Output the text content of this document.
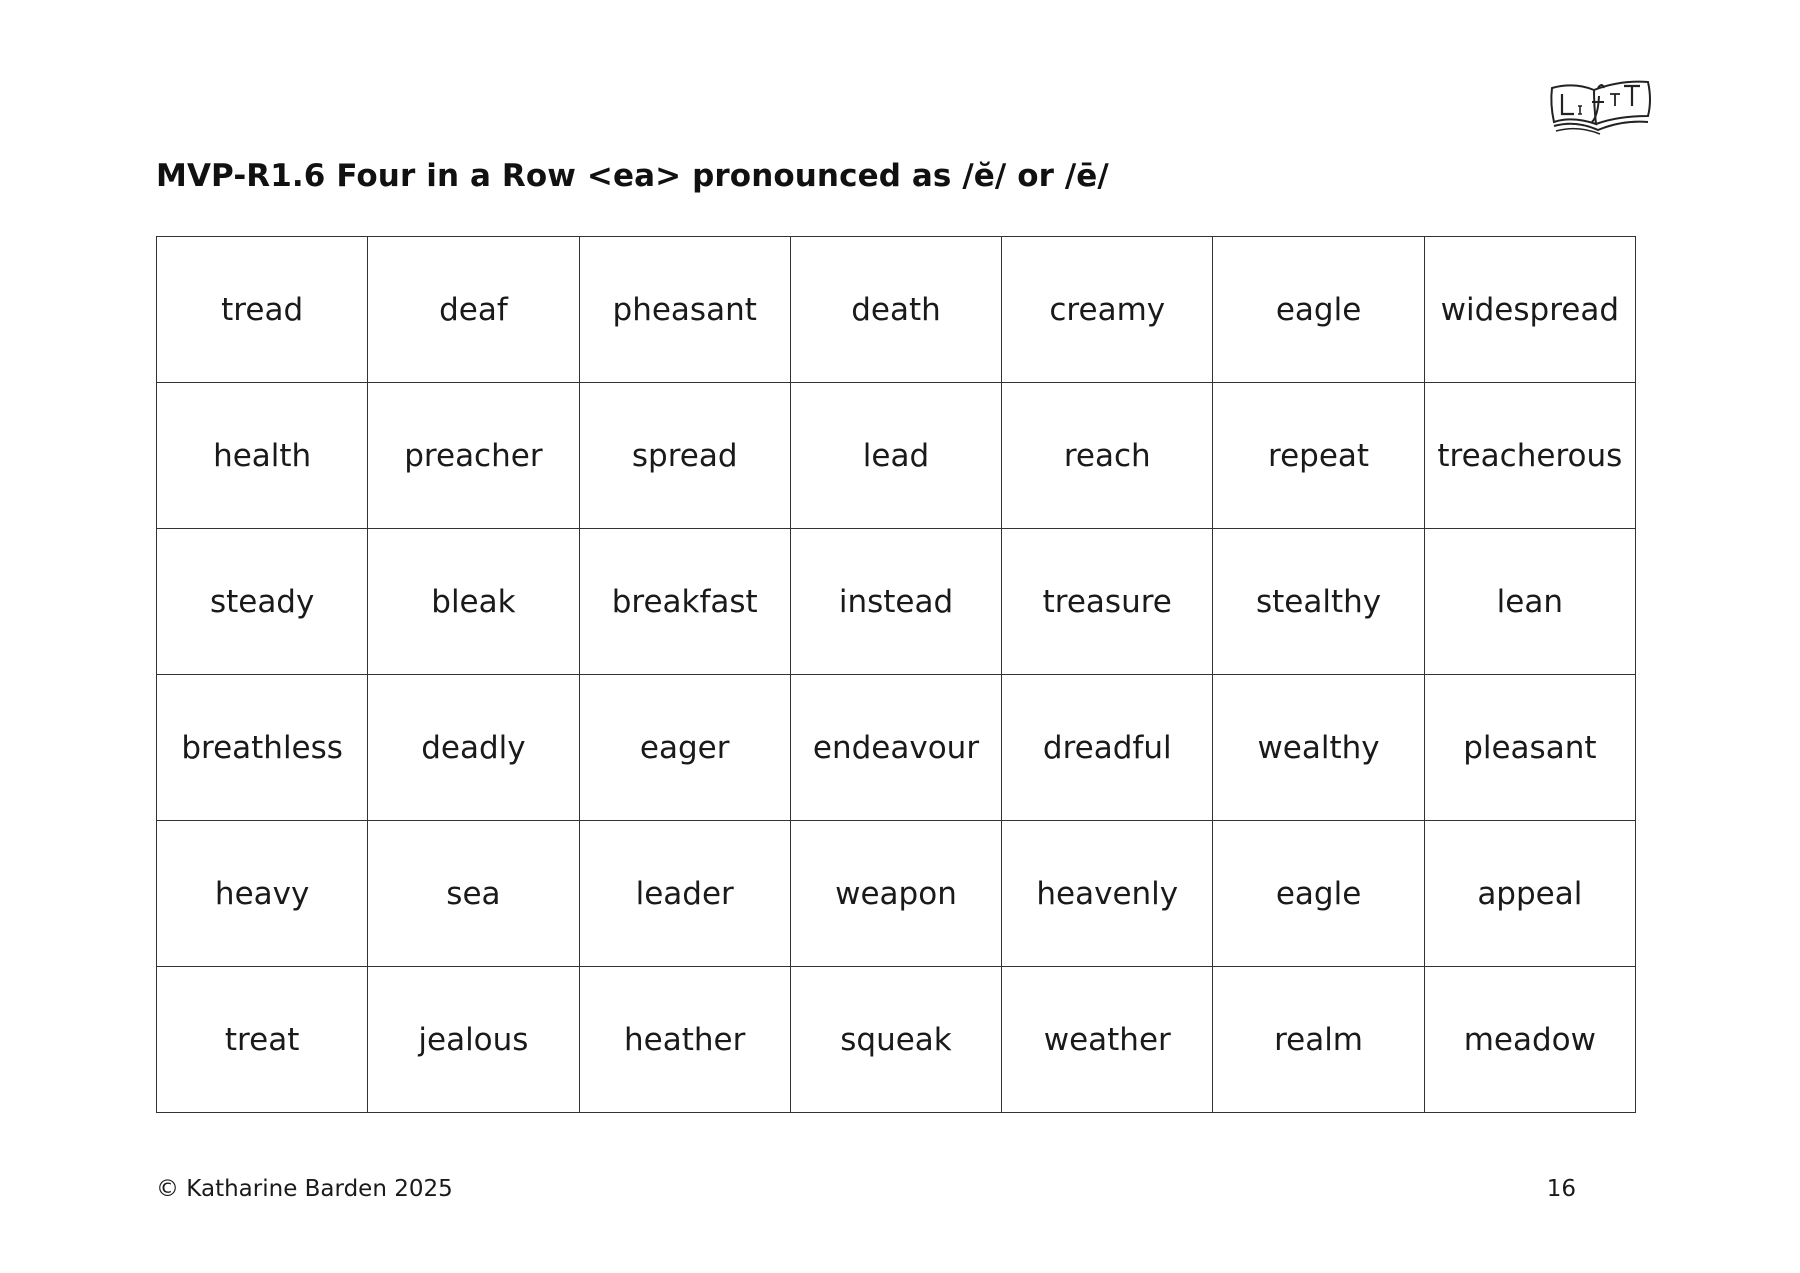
MVP-R1.6 Four in a Row <ea> pronounced as /ĕ/ or /ē/
tread	deaf	pheasant	death	creamy	eagle	widespread
health	preacher	spread	lead	reach	repeat	treacherous
steady	bleak	breakfast	instead	treasure	stealthy	lean
breathless	deadly	eager	endeavour	dreadful	wealthy	pleasant
heavy	sea	leader	weapon	heavenly	eagle	appeal
treat	jealous	heather	squeak	weather	realm	meadow
© Katharine Barden 2025	16
